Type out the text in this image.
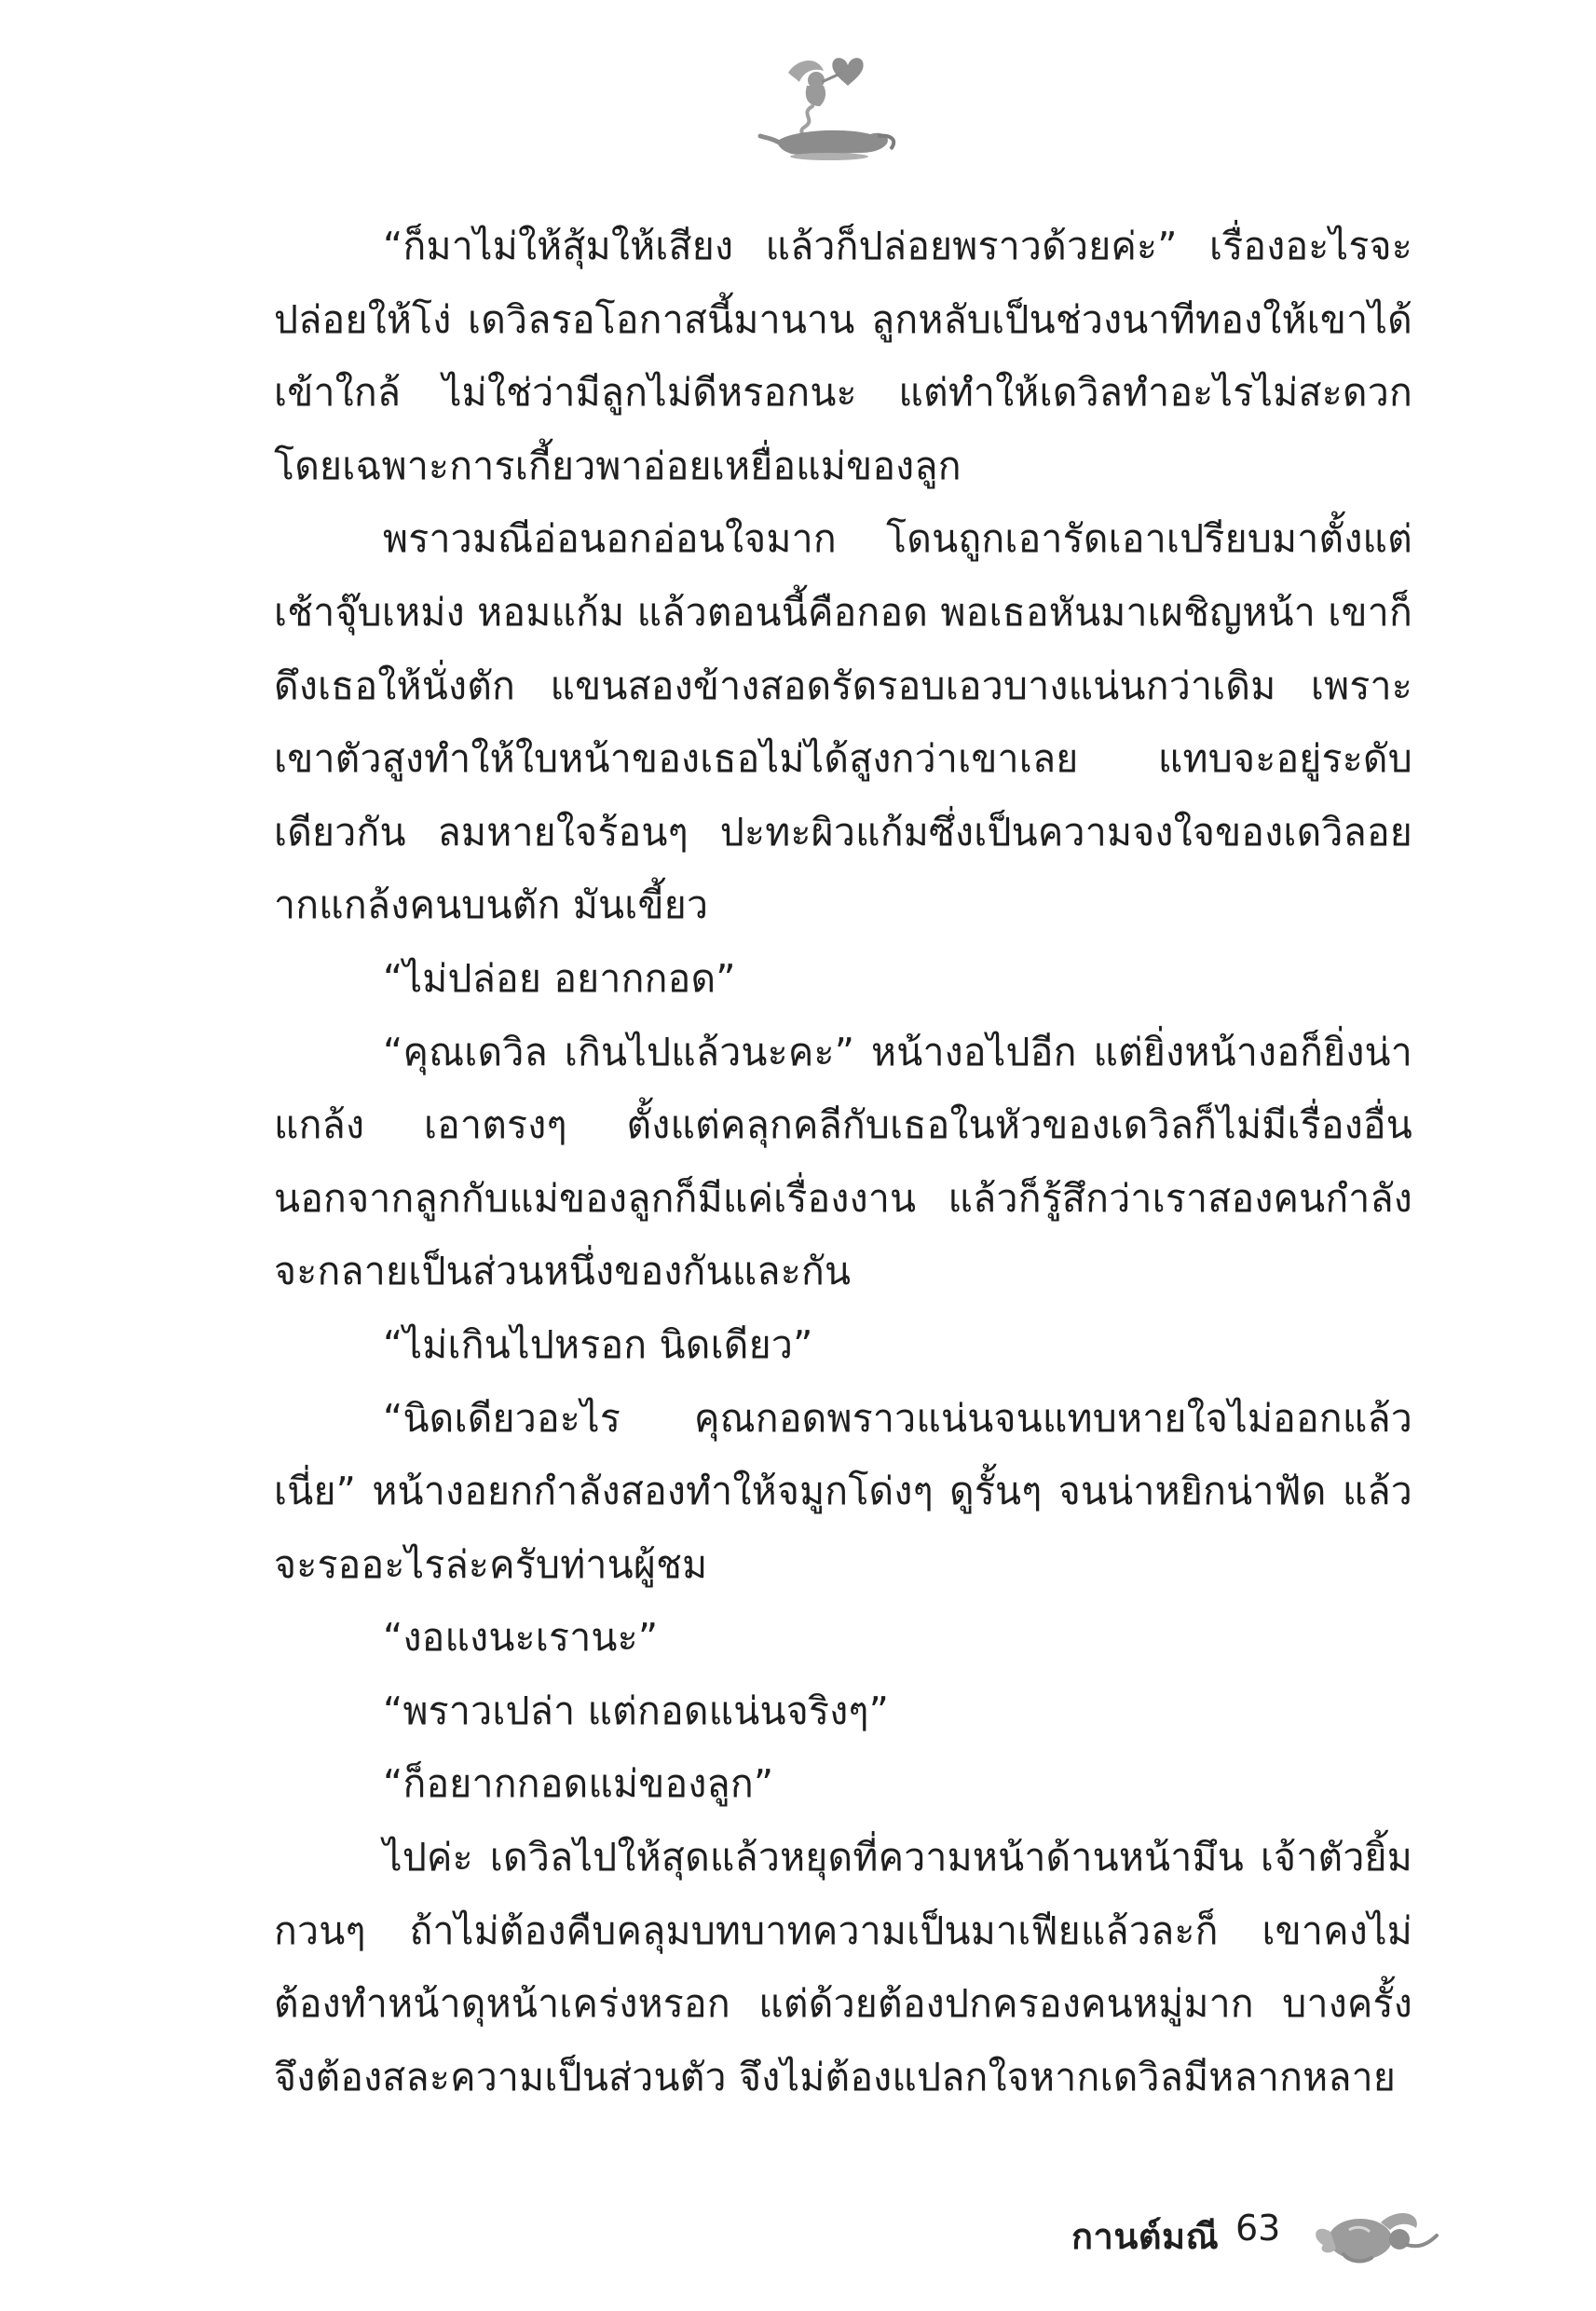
“ก็มาไม่ให้สุ้มให้เสียง แล้วก็ปล่อยพราวด้วยค่ะ” เรื่องอะไรจะปล่อยให้โง่ เดวิลรอโอกาสนี้มานาน ลูกหลับเป็นช่วงนาทีทองให้เขาได้เข้าใกล้ ไม่ใช่ว่ามีลูกไม่ดีหรอกนะ แต่ทำให้เดวิลทำอะไรไม่สะดวกโดยเฉพาะการเกี้ยวพาอ่อยเหยื่อแม่ของลูก

พราวมณีอ่อนอกอ่อนใจมาก โดนถูกเอารัดเอาเปรียบมาตั้งแต่เช้าจุ๊บเหม่ง หอมแก้ม แล้วตอนนี้คือกอด พอเธอหันมาเผชิญหน้า เขาก็ดึงเธอให้นั่งตัก แขนสองข้างสอดรัดรอบเอวบางแน่นกว่าเดิม เพราะเขาตัวสูงทำให้ใบหน้าของเธอไม่ได้สูงกว่าเขาเลย แทบจะอยู่ระดับเดียวกัน ลมหายใจร้อนๆ ปะทะผิวแก้มซึ่งเป็นความจงใจของเดวิลอยากแกล้งคนบนตัก มันเขี้ยว

“ไม่ปล่อย อยากกอด”

“คุณเดวิล เกินไปแล้วนะคะ” หน้างอไปอีก แต่ยิ่งหน้างอก็ยิ่งน่าแกล้ง เอาตรงๆ ตั้งแต่คลุกคลีกับเธอในหัวของเดวิลก็ไม่มีเรื่องอื่นนอกจากลูกกับแม่ของลูกก็มีแค่เรื่องงาน แล้วก็รู้สึกว่าเราสองคนกำลังจะกลายเป็นส่วนหนึ่งของกันและกัน

“ไม่เกินไปหรอก นิดเดียว”

“นิดเดียวอะไร คุณกอดพราวแน่นจนแทบหายใจไม่ออกแล้วเนี่ย” หน้างอยกกำลังสองทำให้จมูกโด่งๆ ดูรั้นๆ จนน่าหยิกน่าฟัด แล้วจะรออะไรล่ะครับท่านผู้ชม

“งอแงนะเรานะ”

“พราวเปล่า แต่กอดแน่นจริงๆ”

“ก็อยากกอดแม่ของลูก”

ไปค่ะ เดวิลไปให้สุดแล้วหยุดที่ความหน้าด้านหน้ามึน เจ้าตัวยิ้มกวนๆ ถ้าไม่ต้องคืบคลุมบทบาทความเป็นมาเฟียแล้วละก็ เขาคงไม่ต้องทำหน้าดุหน้าเคร่งหรอก แต่ด้วยต้องปกครองคนหมู่มาก บางครั้งจึงต้องสละความเป็นส่วนตัว จึงไม่ต้องแปลกใจหากเดวิลมีหลากหลาย

กานต์มณี 63
